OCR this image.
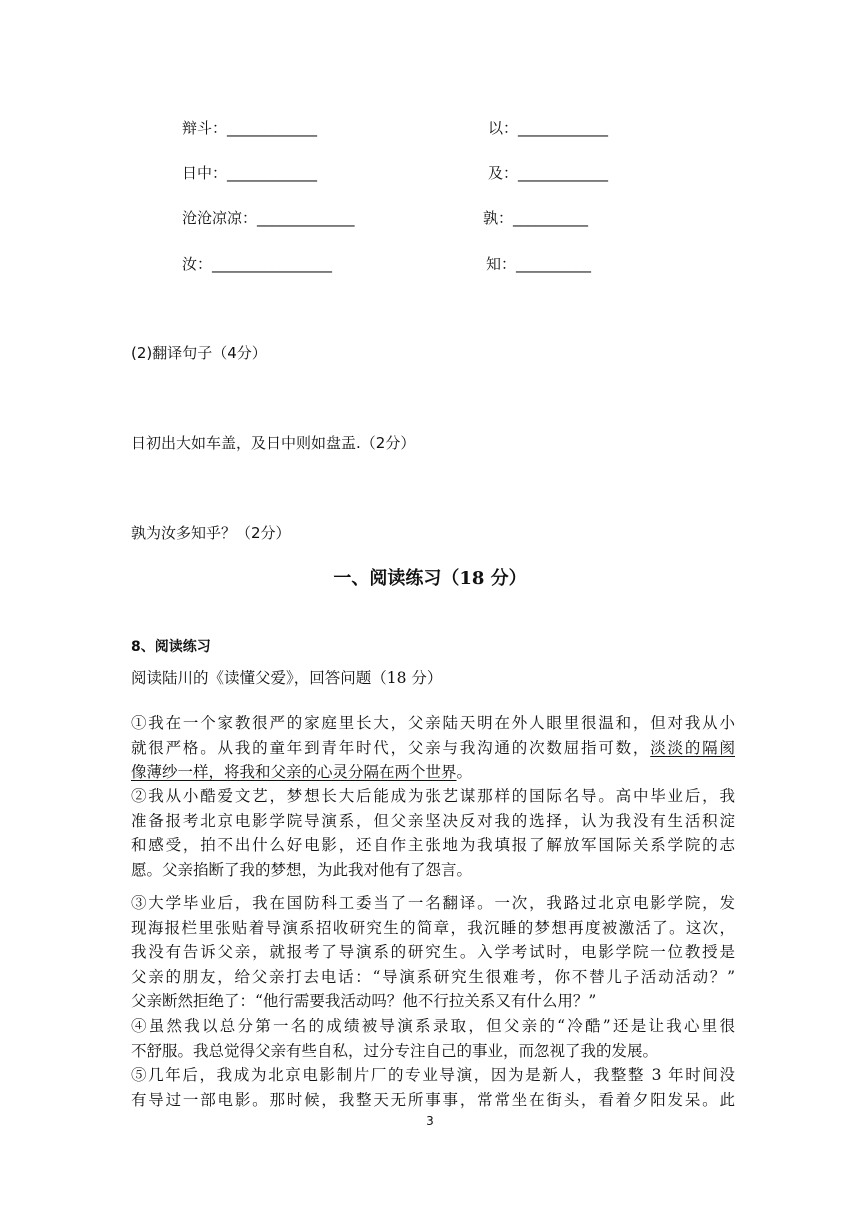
辩斗：____________
日中：____________
沧沧凉凉：_____________
汝：________________
以：____________
及：____________
孰：__________
知：__________
(2)翻译句子（4分）
日初出大如车盖，及日中则如盘盂.（2分）
孰为汝多知乎？（2分）
一、阅读练习（18 分）
8、阅读练习
阅读陆川的《读懂父爱》，回答问题（18 分）
①我在一个家教很严的家庭里长大，父亲陆天明在外人眼里很温和，但对我从小
就很严格。从我的童年到青年时代，父亲与我沟通的次数屈指可数，淡淡的隔阂
像薄纱一样，将我和父亲的心灵分隔在两个世界。
②我从小酷爱文艺，梦想长大后能成为张艺谋那样的国际名导。高中毕业后，我
准备报考北京电影学院导演系，但父亲坚决反对我的选择，认为我没有生活积淀
和感受，拍不出什么好电影，还自作主张地为我填报了解放军国际关系学院的志
愿。父亲掐断了我的梦想，为此我对他有了怨言。
③大学毕业后，我在国防科工委当了一名翻译。一次，我路过北京电影学院，发
现海报栏里张贴着导演系招收研究生的简章，我沉睡的梦想再度被激活了。这次，
我没有告诉父亲，就报考了导演系的研究生。入学考试时，电影学院一位教授是
父亲的朋友，给父亲打去电话：“导演系研究生很难考，你不替儿子活动活动？”
父亲断然拒绝了：“他行需要我活动吗？他不行拉关系又有什么用？”
④虽然我以总分第一名的成绩被导演系录取，但父亲的“冷酷”还是让我心里很
不舒服。我总觉得父亲有些自私，过分专注自己的事业，而忽视了我的发展。
⑤几年后，我成为北京电影制片厂的专业导演，因为是新人，我整整 3 年时间没
有导过一部电影。那时候，我整天无所事事，常常坐在街头，看着夕阳发呆。此
3
